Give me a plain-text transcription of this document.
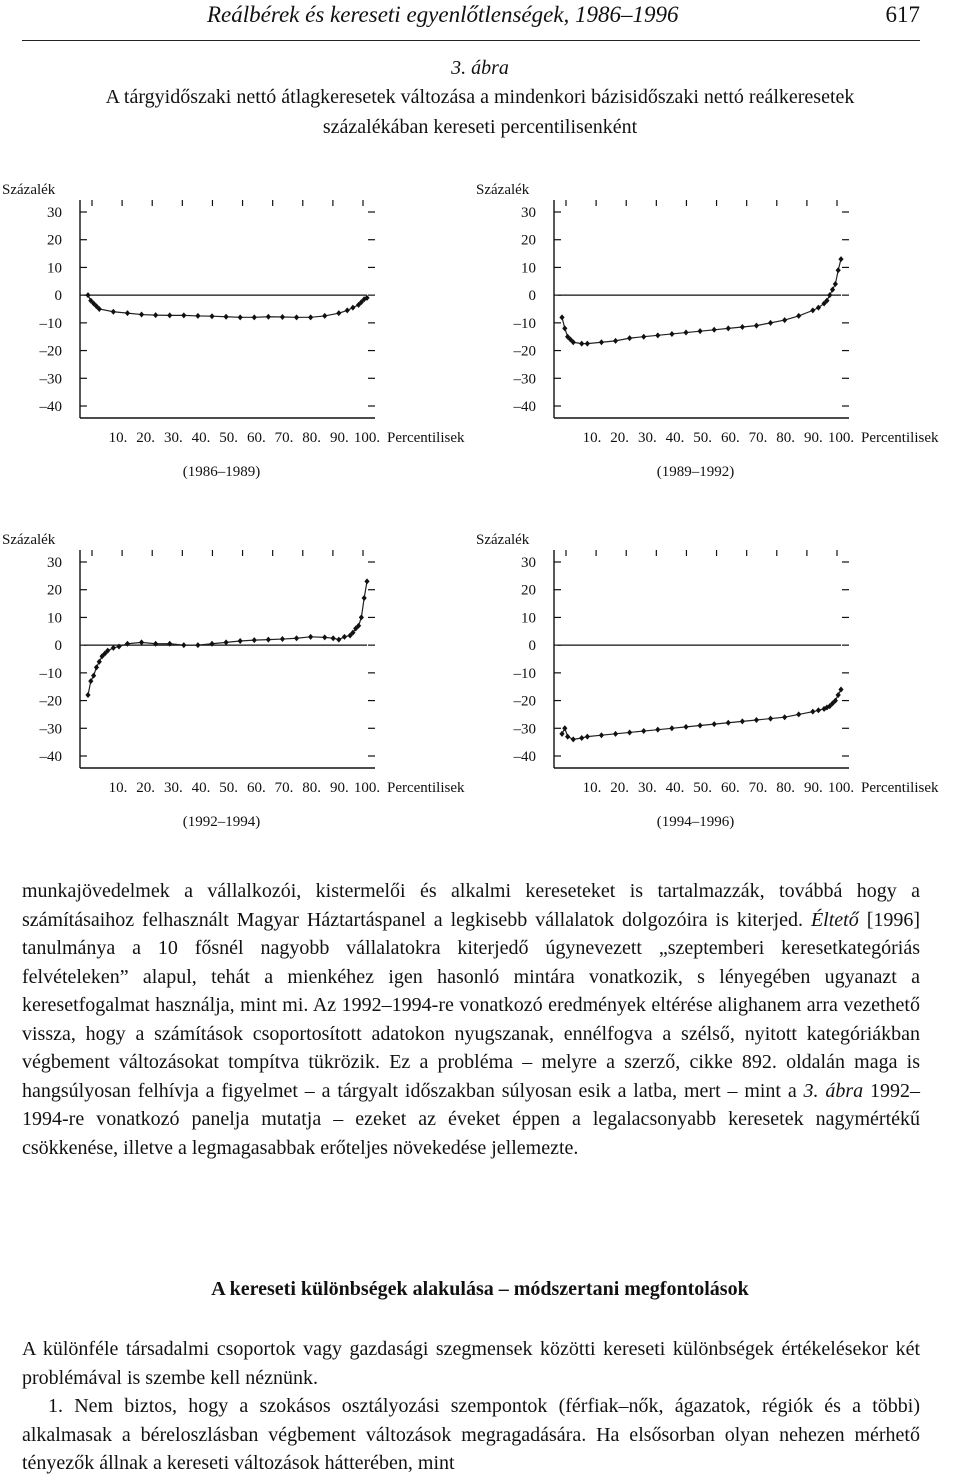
Reálbérek és kereseti egyenlőtlenségek, 1986–1996	617
3. ábra
A tárgyidőszaki nettó átlagkeresetek változása a mindenkori bázisidőszaki nettó reálkeresetek
százalékában kereseti percentilisenként
Százalék
30
20
10
0
–10
–20
–30
–40
10. 20. 30. 40. 50. 60. 70. 80. 90. 100. Percentilisek
(1986–1989)
Százalék
30
20
10
0
–10
–20
–30
–40
10. 20. 30. 40. 50. 60. 70. 80. 90. 100. Percentilisek
(1989–1992)
Százalék
30
20
10
0
–10
–20
–30
–40
10. 20. 30. 40. 50. 60. 70. 80. 90. 100. Percentilisek
(1992–1994)
Százalék
30
20
10
0
–10
–20
–30
–40
10. 20. 30. 40. 50. 60. 70. 80. 90. 100. Percentilisek
(1994–1996)

munkajövedelmek a vállalkozói, kistermelői és alkalmi kereseteket is tartalmazzák, továbbá hogy a számításaihoz felhasznált Magyar Háztartáspanel a legkisebb vállalatok dolgozóira is kiterjed. Éltető [1996] tanulmánya a 10 fősnél nagyobb vállalatokra kiterjedő úgynevezett „szeptemberi keresetkategóriás felvételeken” alapul, tehát a mienkéhez igen hasonló mintára vonatkozik, s lényegében ugyanazt a keresetfogalmat használja, mint mi. Az 1992–1994-re vonatkozó eredmények eltérése alighanem arra vezethető vissza, hogy a számítások csoportosított adatokon nyugszanak, ennélfogva a szélső, nyitott kategóriákban végbement változásokat tompítva tükrözik. Ez a probléma – melyre a szerző, cikke 892. oldalán maga is hangsúlyosan felhívja a figyelmet – a tárgyalt időszakban súlyosan esik a latba, mert – mint a 3. ábra 1992–1994-re vonatkozó panelja mutatja – ezeket az éveket éppen a legalacsonyabb keresetek nagymértékű csökkenése, illetve a legmagasabbak erőteljes növekedése jellemezte.

A kereseti különbségek alakulása – módszertani megfontolások

A különféle társadalmi csoportok vagy gazdasági szegmensek közötti kereseti különbségek értékelésekor két problémával is szembe kell néznünk.

1. Nem biztos, hogy a szokásos osztályozási szempontok (férfiak–nők, ágazatok, régiók és a többi) alkalmasak a béreloszlásban végbement változások megragadására. Ha elsősorban olyan nehezen mérhető tényezők állnak a kereseti változások hátterében, mint
